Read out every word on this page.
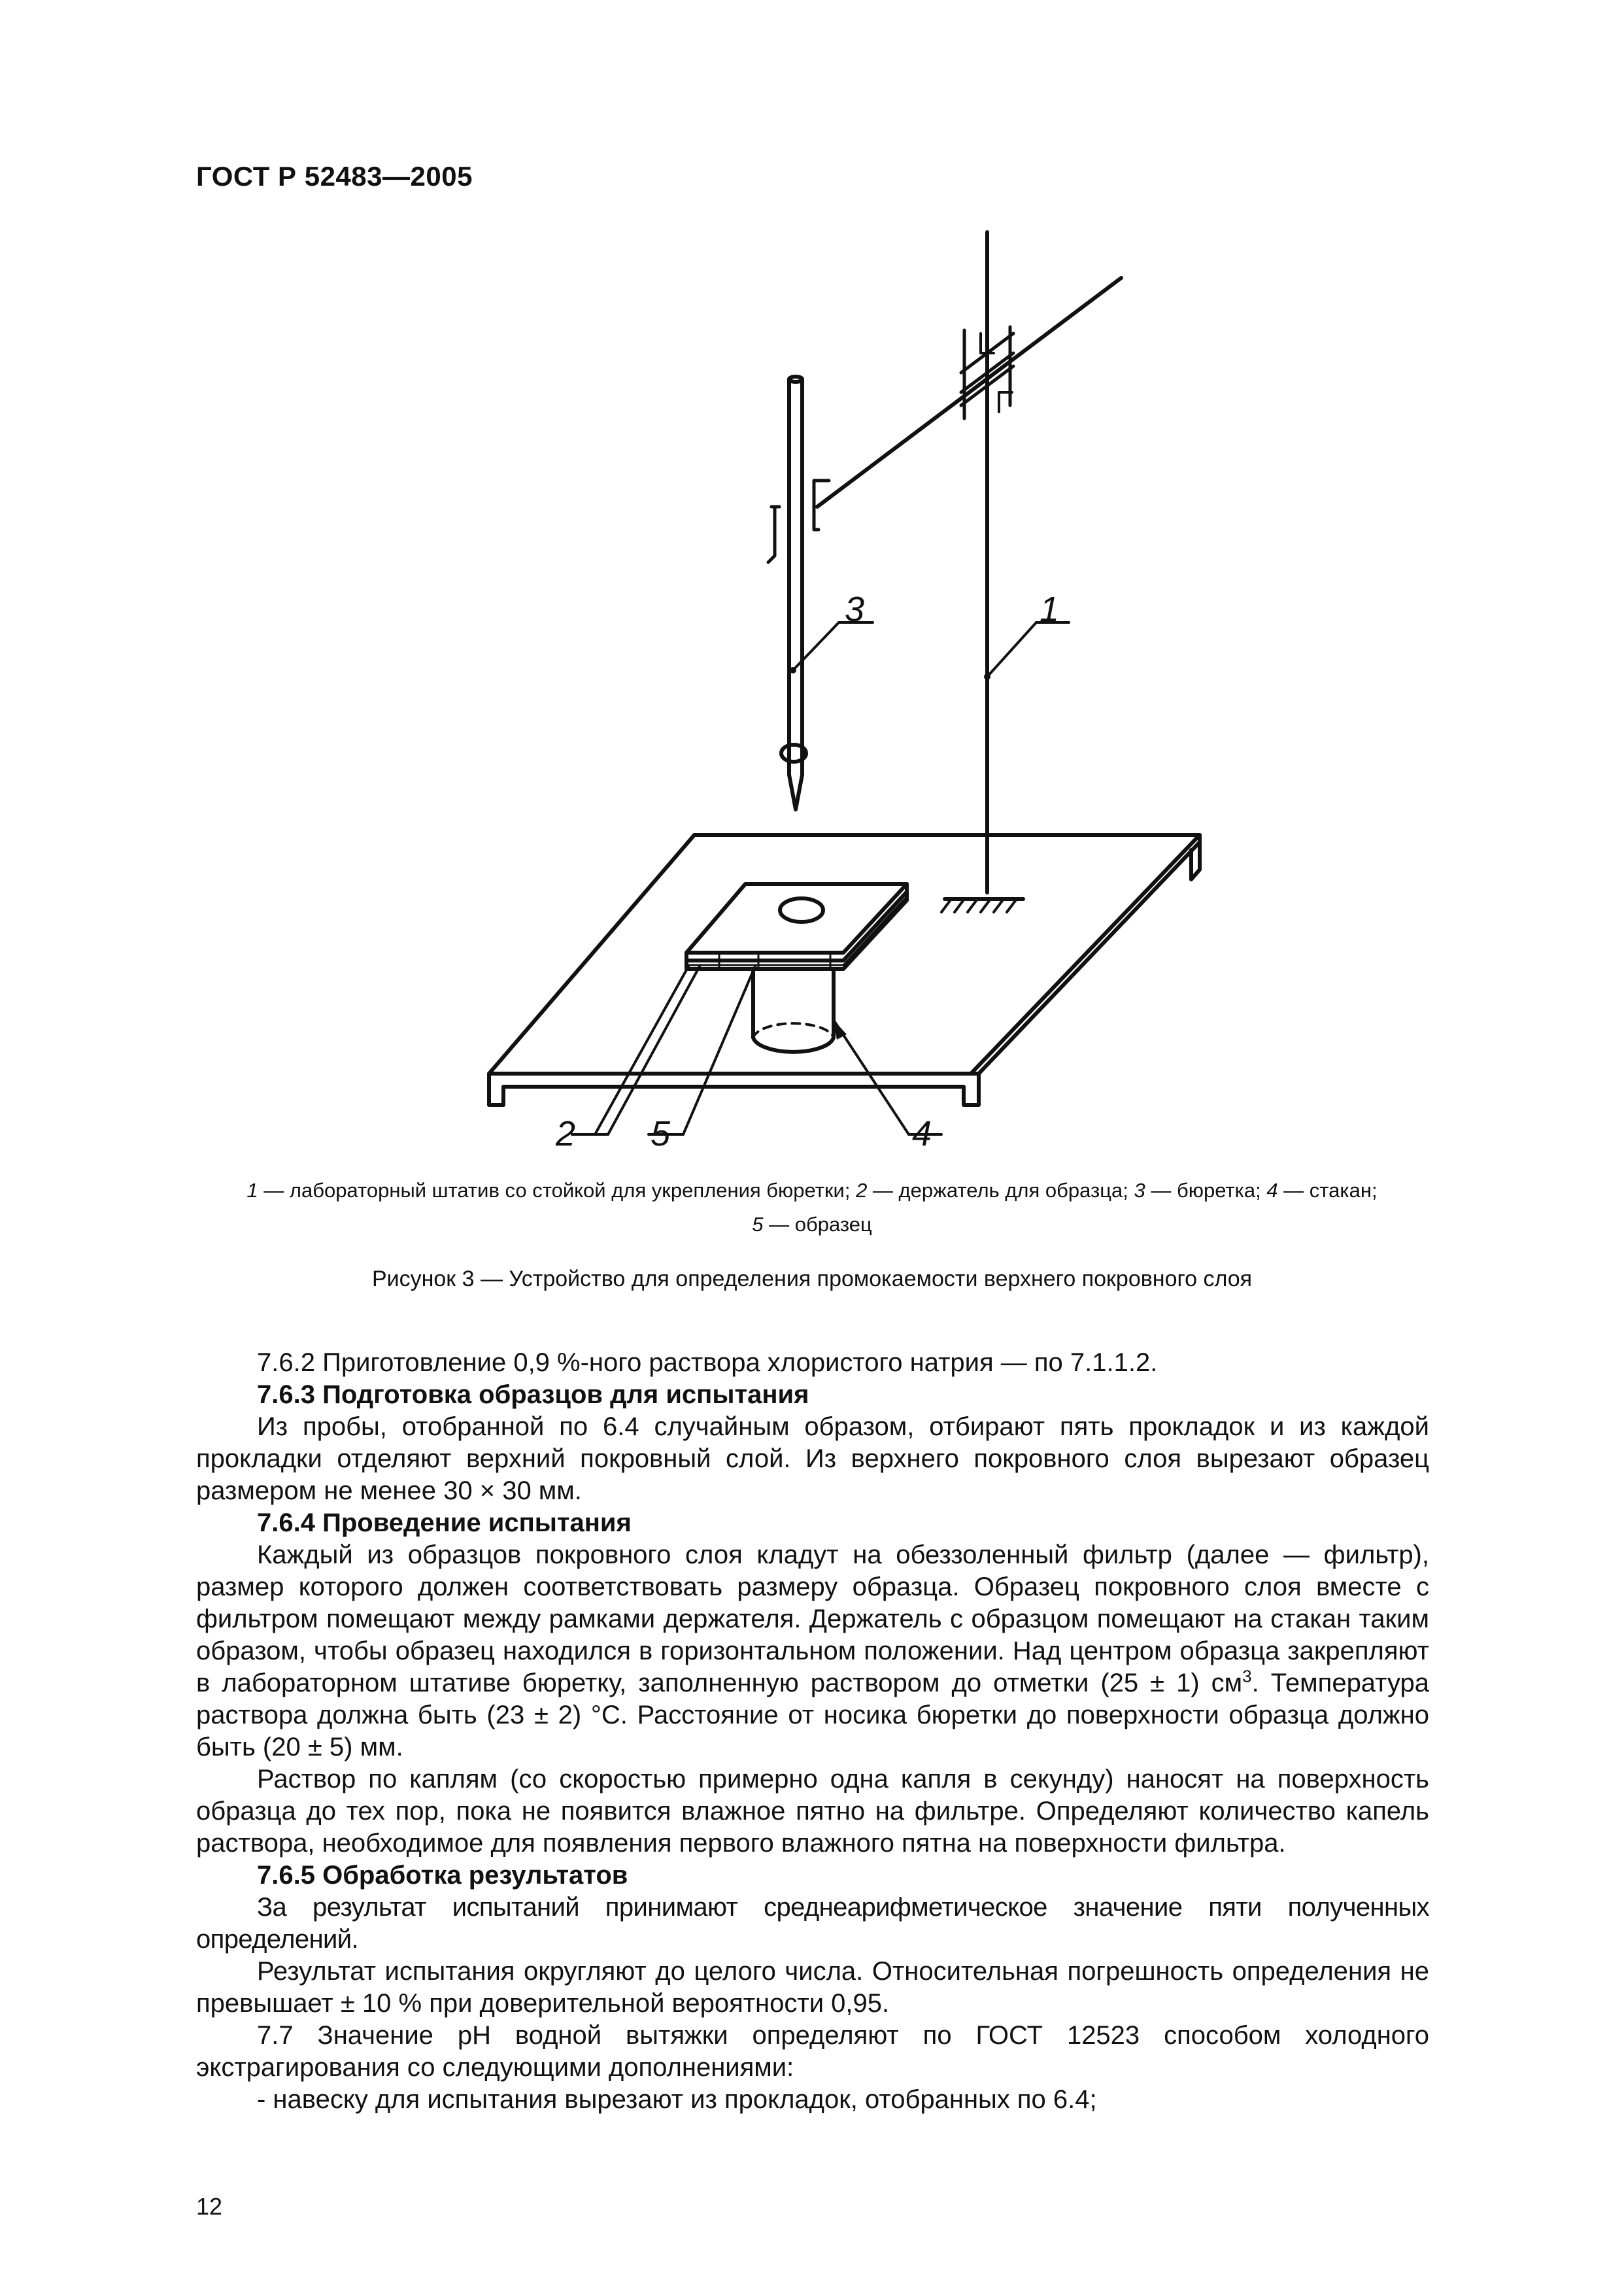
ГОСТ Р 52483—2005
3	1
2 5	4
1 — лабораторный штатив со стойкой для укрепления бюретки; 2 — держатель для образца; 3 — бюретка; 4 — стакан;
5 — образец
Рисунок 3 — Устройство для определения промокаемости верхнего покровного слоя

7.6.2 Приготовление 0,9 %-ного раствора хлористого натрия — по 7.1.1.2.

7.6.3 Подготовка образцов для испытания

Из пробы, отобранной по 6.4 случайным образом, отбирают пять прокладок и из каждой прокладки отделяют верхний покровный слой. Из верхнего покровного слоя вырезают образец размером не менее 30 × 30 мм.

7.6.4 Проведение испытания

Каждый из образцов покровного слоя кладут на обеззоленный фильтр (далее — фильтр), размер которого должен соответствовать размеру образца. Образец покровного слоя вместе с фильтром помещают между рамками держателя. Держатель с образцом помещают на стакан таким образом, чтобы образец находился в горизонтальном положении. Над центром образца закрепляют в лабораторном штативе бюретку, заполненную раствором до отметки (25 ± 1) $см^3$. Температура раствора должна быть (23 ± 2) °С. Расстояние от носика бюретки до поверхности образца должно быть (20 ± 5) мм.

Раствор по каплям (со скоростью примерно одна капля в секунду) наносят на поверхность образца до тех пор, пока не появится влажное пятно на фильтре. Определяют количество капель раствора, необходимое для появления первого влажного пятна на поверхности фильтра.

7.6.5 Обработка результатов

За результат испытаний принимают среднеарифметическое значение пяти полученных определений.

Результат испытания округляют до целого числа. Относительная погрешность определения не превышает ± 10 % при доверительной вероятности 0,95.

7.7 Значение pH водной вытяжки определяют по ГОСТ 12523 способом холодного экстрагирования со следующими дополнениями:

- навеску для испытания вырезают из прокладок, отобранных по 6.4;

12
